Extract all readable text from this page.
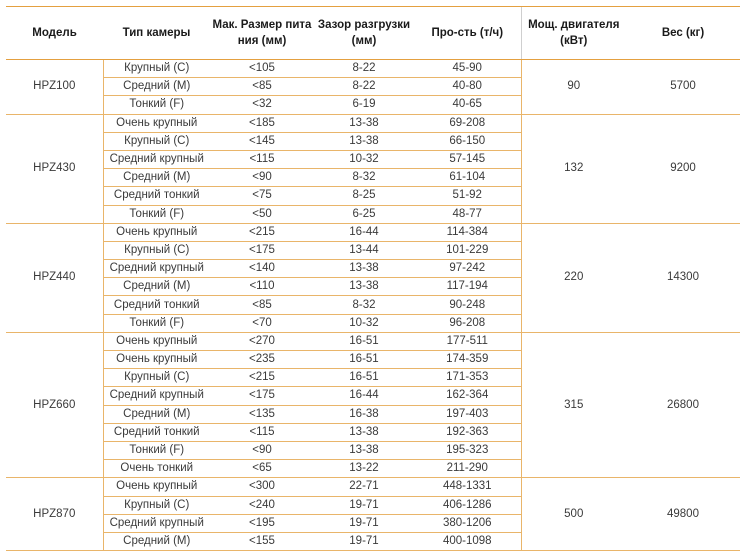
Модель	Тип камеры	Мак. Размер пита ния (мм)	Зазор разгрузки (мм)	Про-сть (т/ч)	Мощ. двигателя (кВт)	Вес (кг)
HPZ100	Крупный (C)	<105	8-22	45-90	90	5700
	Средний (M)	<85	8-22	40-80		
	Тонкий (F)	<32	6-19	40-65		
HPZ430	Очень крупный	<185	13-38	69-208	132	9200
	Крупный (C)	<145	13-38	66-150		
	Средний крупный	<115	10-32	57-145		
	Средний (M)	<90	8-32	61-104		
	Средний тонкий	<75	8-25	51-92		
	Тонкий (F)	<50	6-25	48-77		
HPZ440	Очень крупный	<215	16-44	114-384	220	14300
	Крупный (C)	<175	13-44	101-229		
	Средний крупный	<140	13-38	97-242		
	Средний (M)	<110	13-38	117-194		
	Средний тонкий	<85	8-32	90-248		
	Тонкий (F)	<70	10-32	96-208		
HPZ660	Очень крупный	<270	16-51	177-511	315	26800
	Очень крупный	<235	16-51	174-359		
	Крупный (C)	<215	16-51	171-353		
	Средний крупный	<175	16-44	162-364		
	Средний (M)	<135	16-38	197-403		
	Средний тонкий	<115	13-38	192-363		
	Тонкий (F)	<90	13-38	195-323		
	Очень тонкий	<65	13-22	211-290		
HPZ870	Очень крупный	<300	22-71	448-1331	500	49800
	Крупный (C)	<240	19-71	406-1286		
	Средний крупный	<195	19-71	380-1206		
	Средний (M)	<155	19-71	400-1098		
